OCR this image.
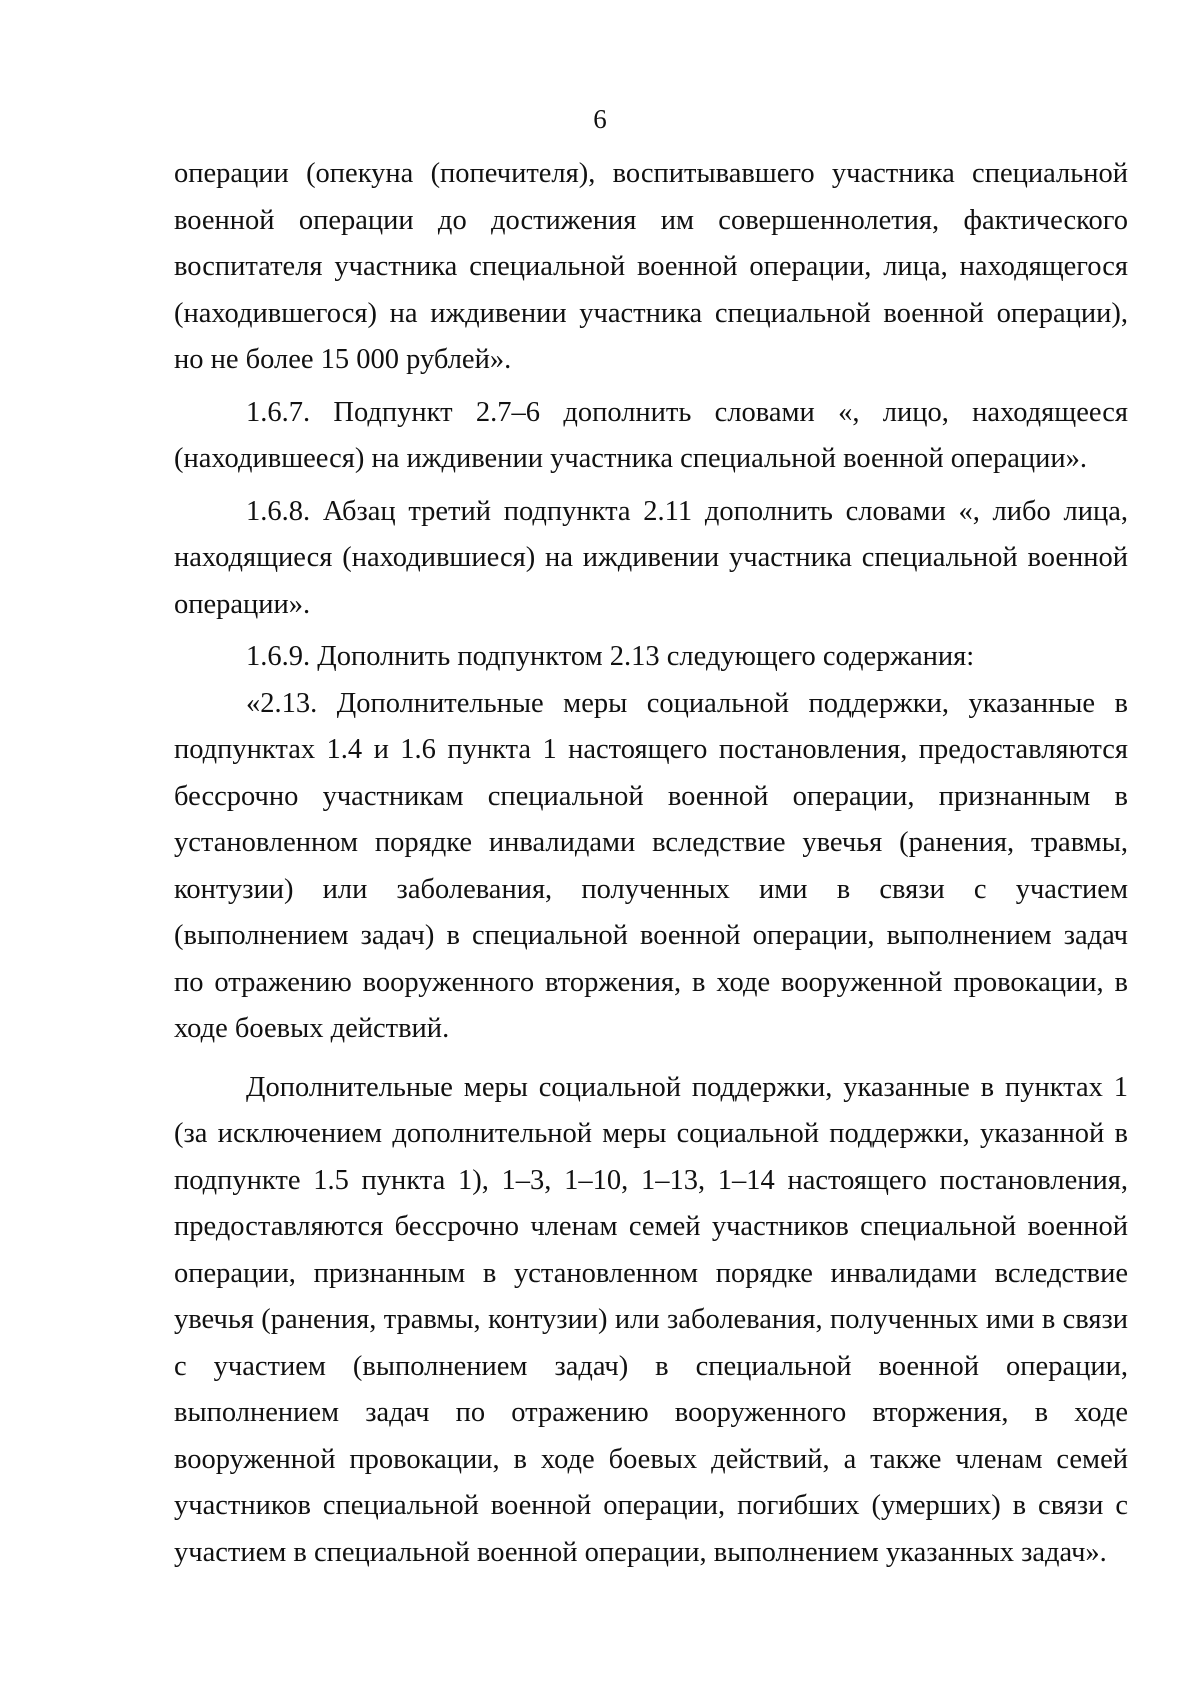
6

операции (опекуна (попечителя), воспитывавшего участника специальной военной операции до достижения им совершеннолетия, фактического воспитателя участника специальной военной операции, лица, находящегося (находившегося) на иждивении участника специальной военной операции), но не более 15 000 рублей».

1.6.7. Подпункт 2.7–6 дополнить словами «, лицо, находящееся (находившееся) на иждивении участника специальной военной операции».

1.6.8. Абзац третий подпункта 2.11 дополнить словами «, либо лица, находящиеся (находившиеся) на иждивении участника специальной военной операции».

1.6.9. Дополнить подпунктом 2.13 следующего содержания:

«2.13. Дополнительные меры социальной поддержки, указанные в подпунктах 1.4 и 1.6 пункта 1 настоящего постановления, предоставляются бессрочно участникам специальной военной операции, признанным в установленном порядке инвалидами вследствие увечья (ранения, травмы, контузии) или заболевания, полученных ими в связи с участием (выполнением задач) в специальной военной операции, выполнением задач по отражению вооруженного вторжения, в ходе вооруженной провокации, в ходе боевых действий.

Дополнительные меры социальной поддержки, указанные в пунктах 1 (за исключением дополнительной меры социальной поддержки, указанной в подпункте 1.5 пункта 1), 1–3, 1–10, 1–13, 1–14 настоящего постановления, предоставляются бессрочно членам семей участников специальной военной операции, признанным в установленном порядке инвалидами вследствие увечья (ранения, травмы, контузии) или заболевания, полученных ими в связи с участием (выполнением задач) в специальной военной операции, выполнением задач по отражению вооруженного вторжения, в ходе вооруженной провокации, в ходе боевых действий, а также членам семей участников специальной военной операции, погибших (умерших) в связи с участием в специальной военной операции, выполнением указанных задач».
